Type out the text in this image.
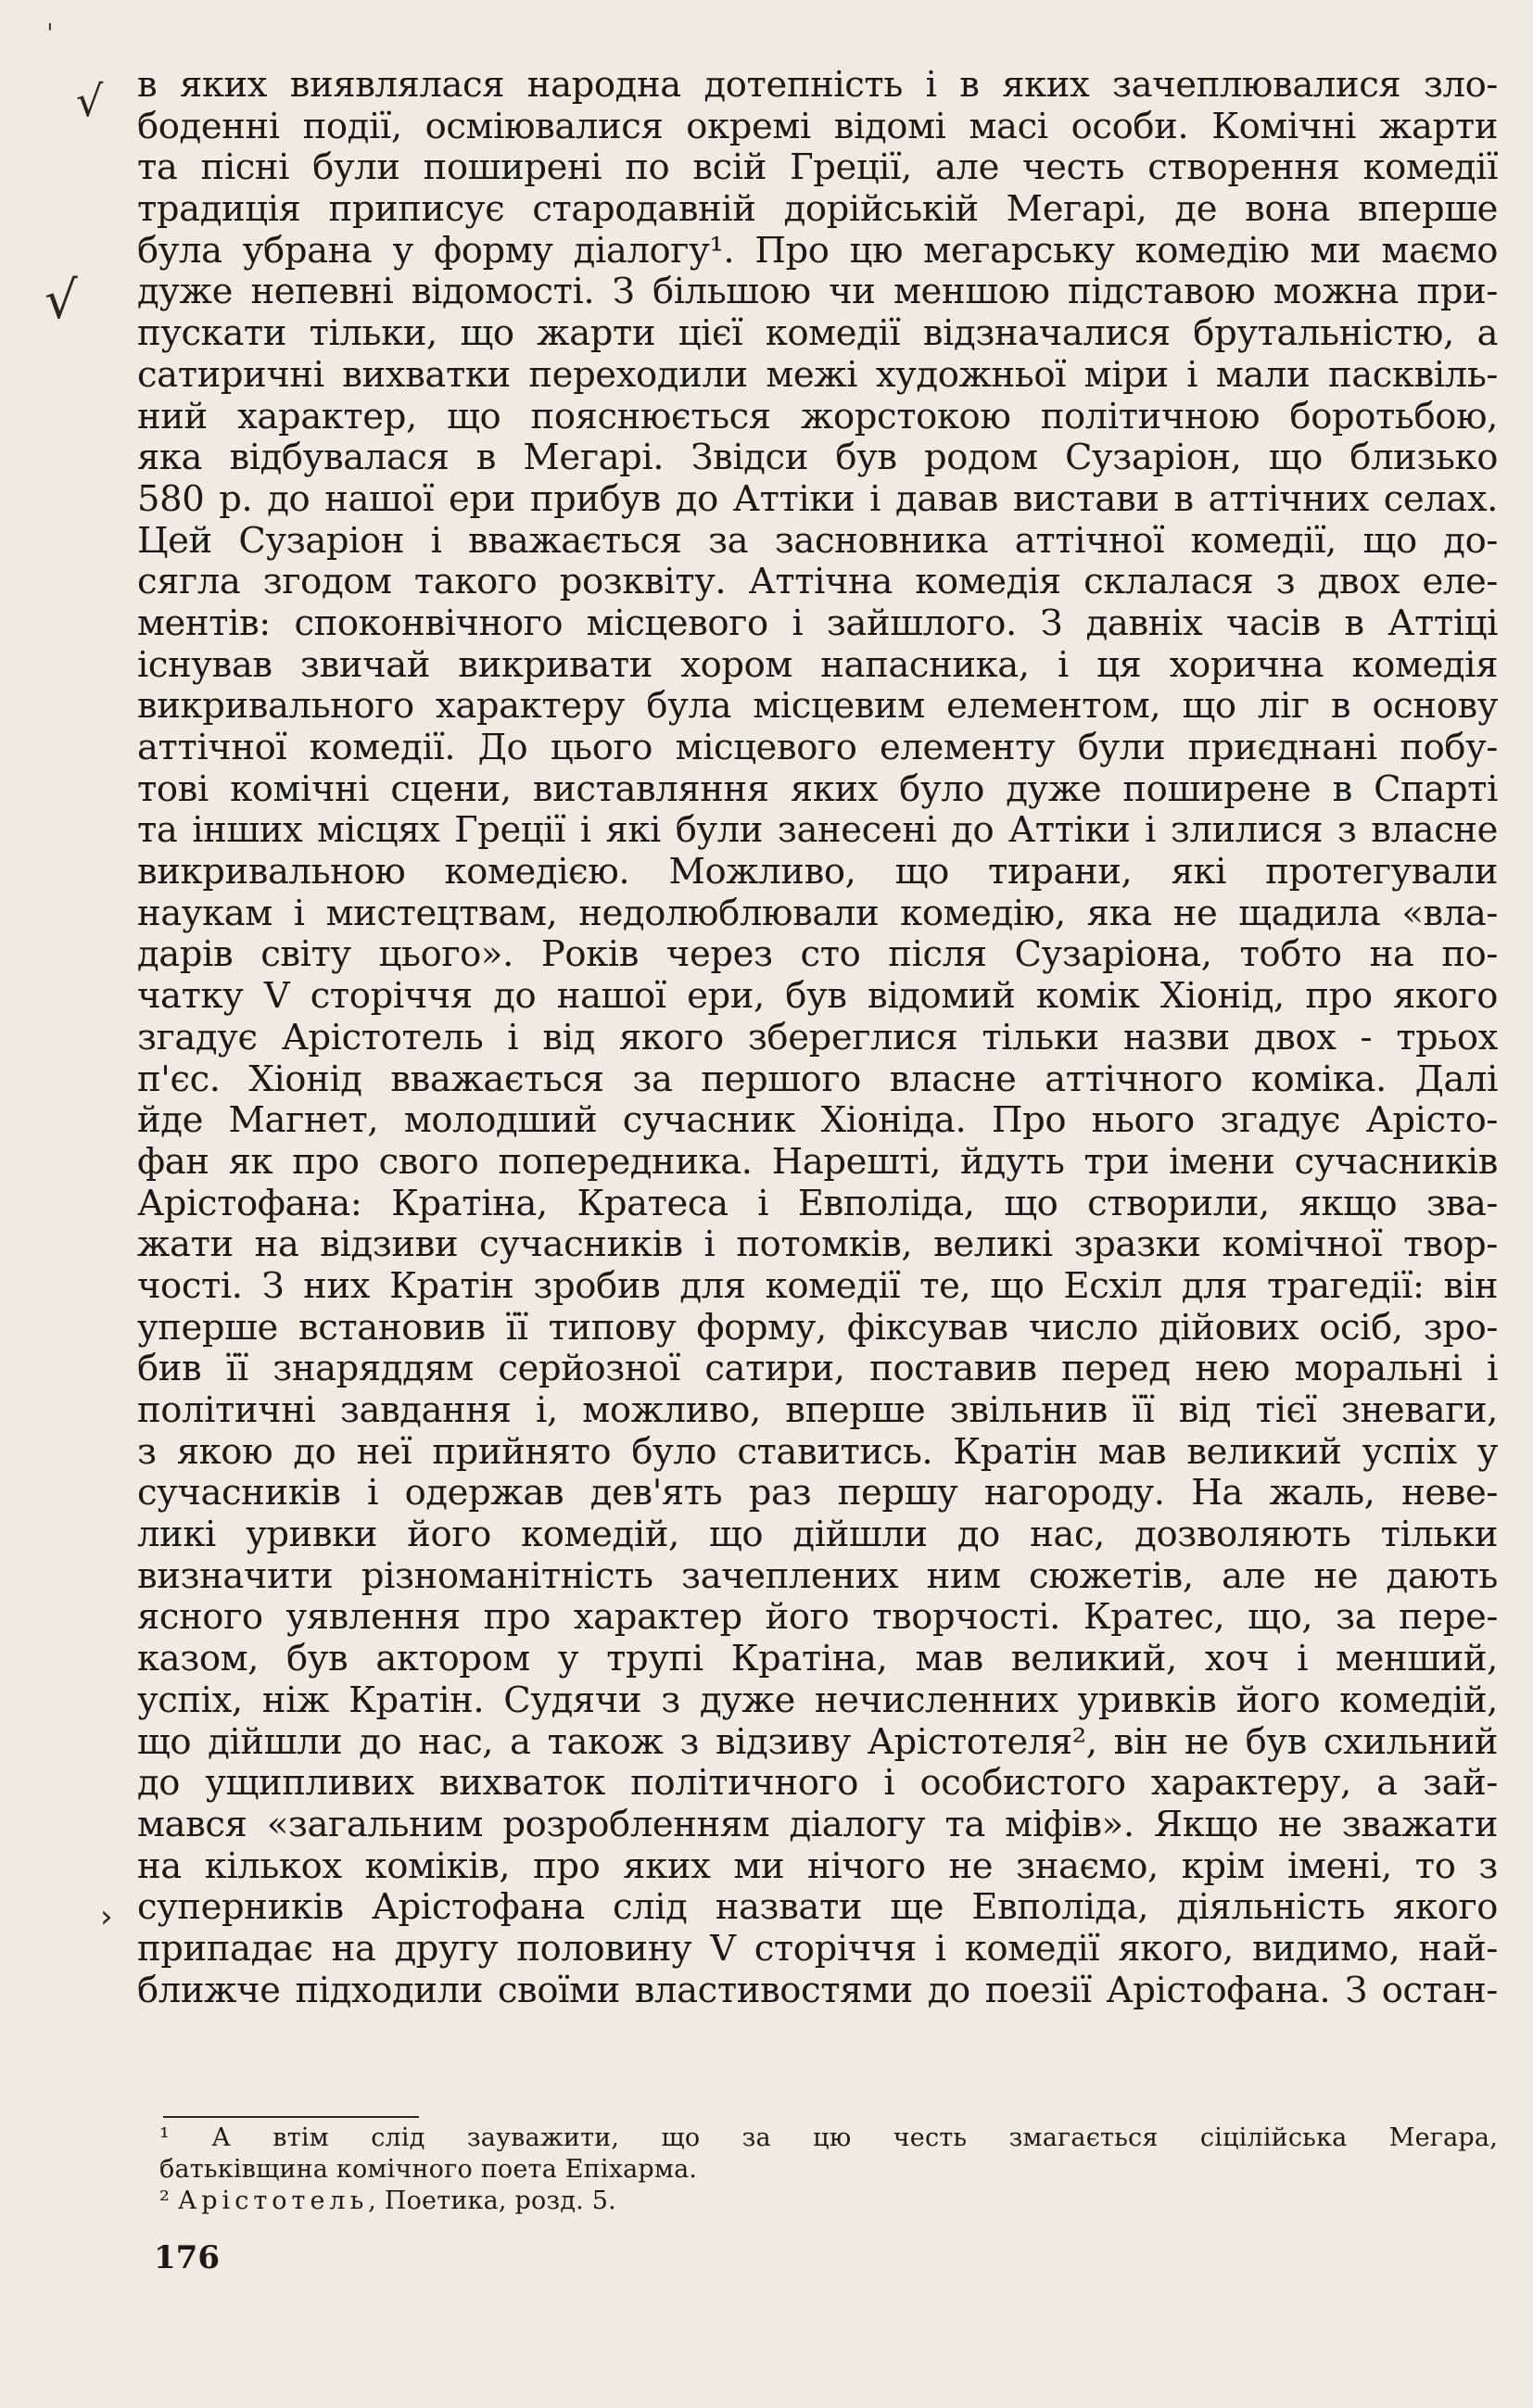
ˈ
√
√
›
в яких виявлялася народна дотепність і в яких зачеплювалися зло-
боденні події, осміювалися окремі відомі масі особи. Комічні жарти
та пісні були поширені по всій Греції, але честь створення комедії
традиція приписує стародавній дорійській Мегарі, де вона вперше
була убрана у форму діалогу¹. Про цю мегарську комедію ми маємо
дуже непевні відомості. З більшою чи меншою підставою можна при-
пускати тільки, що жарти цієї комедії відзначалися брутальністю, а
сатиричні вихватки переходили межі художньої міри і мали пасквіль-
ний характер, що пояснюється жорстокою політичною боротьбою,
яка відбувалася в Мегарі. Звідси був родом Сузаріон, що близько
580 р. до нашої ери прибув до Аттіки і давав вистави в аттічних селах.
Цей Сузаріон і вважається за засновника аттічної комедії, що до-
сягла згодом такого розквіту. Аттічна комедія склалася з двох еле-
ментів: споконвічного місцевого і зайшлого. З давніх часів в Аттіці
існував звичай викривати хором напасника, і ця хорична комедія
викривального характеру була місцевим елементом, що ліг в основу
аттічної комедії. До цього місцевого елементу були приєднані побу-
тові комічні сцени, виставляння яких було дуже поширене в Спарті
та інших місцях Греції і які були занесені до Аттіки і злилися з власне
викривальною комедією. Можливо, що тирани, які протегували
наукам і мистецтвам, недолюблювали комедію, яка не щадила «вла-
дарів світу цього». Років через сто після Сузаріона, тобто на по-
чатку V сторіччя до нашої ери, був відомий комік Хіонід, про якого
згадує Арістотель і від якого збереглися тільки назви двох - трьох
п'єс. Хіонід вважається за першого власне аттічного коміка. Далі
йде Магнет, молодший сучасник Хіоніда. Про нього згадує Арісто-
фан як про свого попередника. Нарешті, йдуть три імени сучасників
Арістофана: Кратіна, Кратеса і Евполіда, що створили, якщо зва-
жати на відзиви сучасників і потомків, великі зразки комічної твор-
чості. З них Кратін зробив для комедії те, що Есхіл для трагедії: він
уперше встановив її типову форму, фіксував число дійових осіб, зро-
бив її знаряддям серйозної сатири, поставив перед нею моральні і
політичні завдання і, можливо, вперше звільнив її від тієї зневаги,
з якою до неї прийнято було ставитись. Кратін мав великий успіх у
сучасників і одержав дев'ять раз першу нагороду. На жаль, неве-
ликі уривки його комедій, що дійшли до нас, дозволяють тільки
визначити різноманітність зачеплених ним сюжетів, але не дають
ясного уявлення про характер його творчості. Кратес, що, за пере-
казом, був актором у трупі Кратіна, мав великий, хоч і менший,
успіх, ніж Кратін. Судячи з дуже нечисленних уривків його комедій,
що дійшли до нас, а також з відзиву Арістотеля², він не був схильний
до ущипливих вихваток політичного і особистого характеру, а зай-
мався «загальним розробленням діалогу та міфів». Якщо не зважати
на кількох коміків, про яких ми нічого не знаємо, крім імені, то з
суперників Арістофана слід назвати ще Евполіда, діяльність якого
припадає на другу половину V сторіччя і комедії якого, видимо, най-
ближче підходили своїми властивостями до поезії Арістофана. З остан-
¹ А втім слід зауважити, що за цю честь змагається сіцілійська Мегара,
батьківщина комічного поета Епіхарма.
² Арістотель, Поетика, розд. 5.
176
